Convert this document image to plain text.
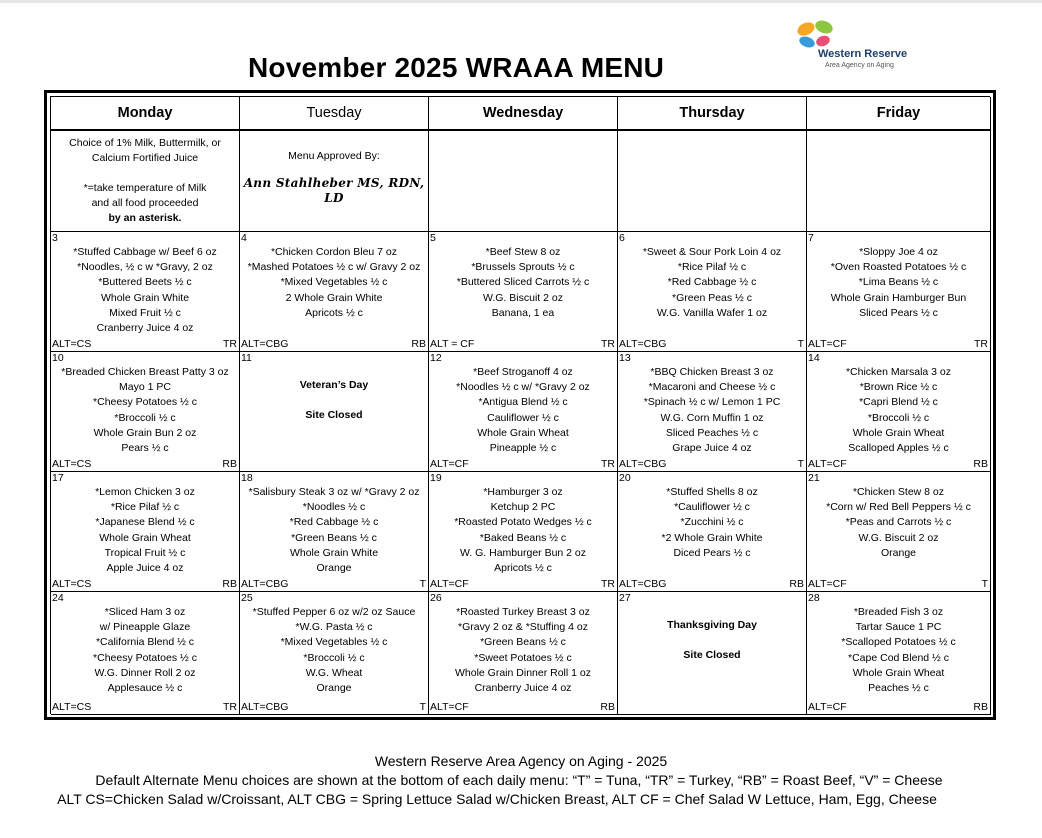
November 2025 WRAAA MENU	Western Reserve
Area Agency on Aging
Monday	Tuesday	Wednesday	Thursday	Friday
Choice of 1% Milk, Buttermilk, or
Calcium Fortified Juice
*=take temperature of Milk
and all food proceeded
by an asterisk.
Menu Approved By:
Ann Stahlheber MS, RDN, LD
3
*Stuffed Cabbage w/ Beef 6 oz
*Noodles, ½ c w *Gravy, 2 oz
*Buttered Beets ½ c
Whole Grain White
Mixed Fruit ½ c
Cranberry Juice 4 oz
ALT=CS	TR
4
*Chicken Cordon Bleu 7 oz
*Mashed Potatoes ½ c w/ Gravy 2 oz
*Mixed Vegetables ½ c
2 Whole Grain White
Apricots ½ c
ALT=CBG	RB
5
*Beef Stew 8 oz
*Brussels Sprouts ½ c
*Buttered Sliced Carrots ½ c
W.G. Biscuit 2 oz
Banana, 1 ea
ALT = CF	TR
6
*Sweet & Sour Pork Loin 4 oz
*Rice Pilaf ½ c
*Red Cabbage ½ c
*Green Peas ½ c
W.G. Vanilla Wafer 1 oz
ALT=CBG	T
7
*Sloppy Joe 4 oz
*Oven Roasted Potatoes ½ c
*Lima Beans ½ c
Whole Grain Hamburger Bun
Sliced Pears ½ c
ALT=CF	TR
10
*Breaded Chicken Breast Patty 3 oz
Mayo 1 PC
*Cheesy Potatoes ½ c
*Broccoli ½ c
Whole Grain Bun 2 oz
Pears ½ c
ALT=CS	RB
11
Veteran’s Day
Site Closed
12
*Beef Stroganoff 4 oz
*Noodles ½ c w/ *Gravy 2 oz
*Antigua Blend ½ c
Cauliflower ½ c
Whole Grain Wheat
Pineapple ½ c
ALT=CF	TR
13
*BBQ Chicken Breast 3 oz
*Macaroni and Cheese ½ c
*Spinach ½ c w/ Lemon 1 PC
W.G. Corn Muffin 1 oz
Sliced Peaches ½ c
Grape Juice 4 oz
ALT=CBG	T
14
*Chicken Marsala 3 oz
*Brown Rice ½ c
*Capri Blend ½ c
*Broccoli ½ c
Whole Grain Wheat
Scalloped Apples ½ c
ALT=CF	RB
17
*Lemon Chicken 3 oz
*Rice Pilaf ½ c
*Japanese Blend ½ c
Whole Grain Wheat
Tropical Fruit ½ c
Apple Juice 4 oz
ALT=CS	RB
18
*Salisbury Steak 3 oz w/ *Gravy 2 oz
*Noodles ½ c
*Red Cabbage ½ c
*Green Beans ½ c
Whole Grain White
Orange
ALT=CBG	T
19
*Hamburger 3 oz
Ketchup 2 PC
*Roasted Potato Wedges ½ c
*Baked Beans ½ c
W. G. Hamburger Bun 2 oz
Apricots ½ c
ALT=CF	TR
20
*Stuffed Shells 8 oz
*Cauliflower ½ c
*Zucchini ½ c
*2 Whole Grain White
Diced Pears ½ c
ALT=CBG	RB
21
*Chicken Stew 8 oz
*Corn w/ Red Bell Peppers ½ c
*Peas and Carrots ½ c
W.G. Biscuit 2 oz
Orange
ALT=CF	T
24
*Sliced Ham 3 oz
w/ Pineapple Glaze
*California Blend ½ c
*Cheesy Potatoes ½ c
W.G. Dinner Roll 2 oz
Applesauce ½ c
ALT=CS	TR
25
*Stuffed Pepper 6 oz w/2 oz Sauce
*W.G. Pasta ½ c
*Mixed Vegetables ½ c
*Broccoli ½ c
W.G. Wheat
Orange
ALT=CBG	T
26
*Roasted Turkey Breast 3 oz
*Gravy 2 oz & *Stuffing 4 oz
*Green Beans ½ c
*Sweet Potatoes ½ c
Whole Grain Dinner Roll 1 oz
Cranberry Juice 4 oz
ALT=CF	RB
27
Thanksgiving Day
Site Closed
28
*Breaded Fish 3 oz
Tartar Sauce 1 PC
*Scalloped Potatoes ½ c
*Cape Cod Blend ½ c
Whole Grain Wheat
Peaches ½ c
ALT=CF	RB
Western Reserve Area Agency on Aging - 2025
Default Alternate Menu choices are shown at the bottom of each daily menu: “T” = Tuna, “TR” = Turkey, “RB” = Roast Beef, “V” = Cheese
ALT CS=Chicken Salad w/Croissant, ALT CBG = Spring Lettuce Salad w/Chicken Breast, ALT CF = Chef Salad W Lettuce, Ham, Egg, Cheese
